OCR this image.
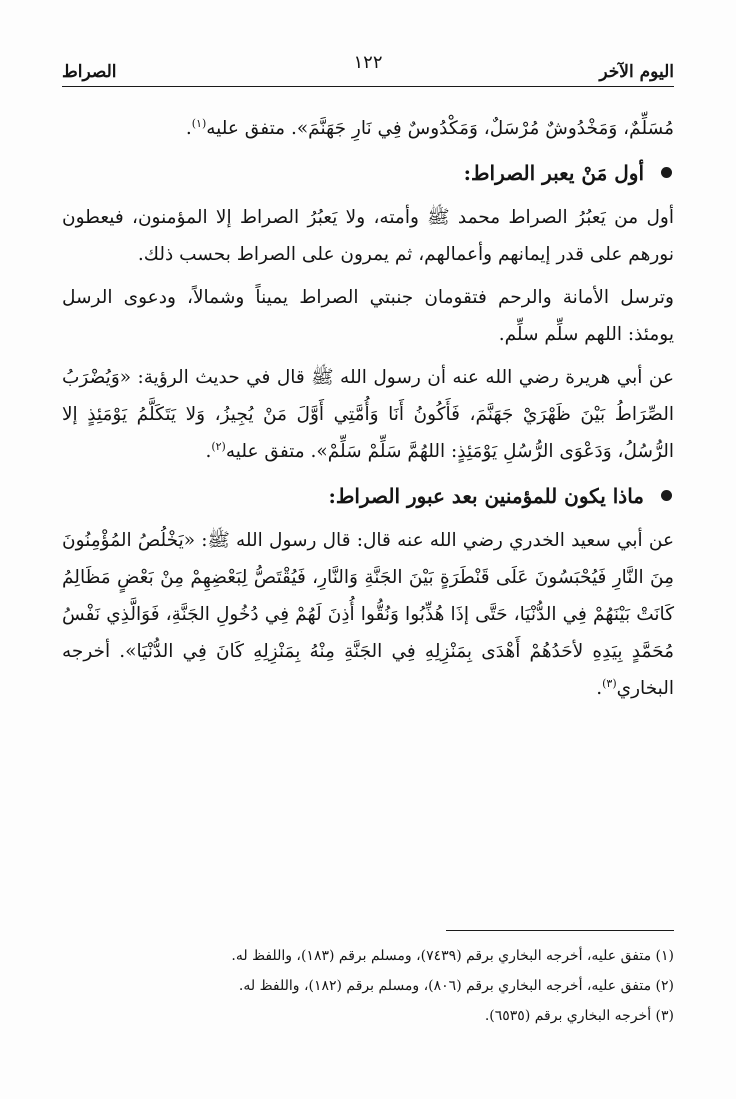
اليوم الآخر
١٢٢
الصراط

مُسَلِّمٌ، وَمَخْدُوشٌ مُرْسَلٌ، وَمَكْدُوسٌ فِي نَارِ جَهَنَّمَ». متفق عليه$^{(١)}$.

أول مَنْ يعبر الصراط:

أول من يَعبُرُ الصراط محمد ﷺ وأمته، ولا يَعبُرُ الصراط إلا المؤمنون، فيعطون نورهم على قدر إيمانهم وأعمالهم، ثم يمرون على الصراط بحسب ذلك.

وترسل الأمانة والرحم فتقومان جنبتي الصراط يميناً وشمالاً، ودعوى الرسل يومئذ: اللهم سلِّم سلِّم.

عن أبي هريرة رضي الله عنه أن رسول الله ﷺ قال في حديث الرؤية: «وَيُضْرَبُ الصِّرَاطُ بَيْنَ ظَهْرَيْ جَهَنَّمَ، فَأَكُونُ أَنَا وَأُمَّتِي أَوَّلَ مَنْ يُجِيزُ، وَلا يَتَكَلَّمُ يَوْمَئِذٍ إلا الرُّسُلُ، وَدَعْوَى الرُّسُلِ يَوْمَئِذٍ: اللهُمَّ سَلِّمْ سَلِّمْ». متفق عليه$^{(٢)}$.

ماذا يكون للمؤمنين بعد عبور الصراط:

عن أبي سعيد الخدري رضي الله عنه قال: قال رسول الله ﷺ: «يَخْلُصُ المُؤْمِنُونَ مِنَ النَّارِ فَيُحْبَسُونَ عَلَى قَنْطَرَةٍ بَيْنَ الجَنَّةِ وَالنَّارِ، فَيُقْتَصُّ لِبَعْضِهِمْ مِنْ بَعْضٍ مَظَالِمُ كَانَتْ بَيْنَهُمْ فِي الدُّنْيَا، حَتَّى إذَا هُذِّبُوا وَنُقُّوا أُذِنَ لَهُمْ فِي دُخُولِ الجَنَّةِ، فَوَالَّذِي نَفْسُ مُحَمَّدٍ بِيَدِهِ لأحَدُهُمْ أَهْدَى بِمَنْزِلِهِ فِي الجَنَّةِ مِنْهُ بِمَنْزِلِهِ كَانَ فِي الدُّنْيَا». أخرجه البخاري$^{(٣)}$.

(١) متفق عليه، أخرجه البخاري برقم (٧٤٣٩)، ومسلم برقم (١٨٣)، واللفظ له.
(٢) متفق عليه، أخرجه البخاري برقم (٨٠٦)، ومسلم برقم (١٨٢)، واللفظ له.
(٣) أخرجه البخاري برقم (٦٥٣٥).
